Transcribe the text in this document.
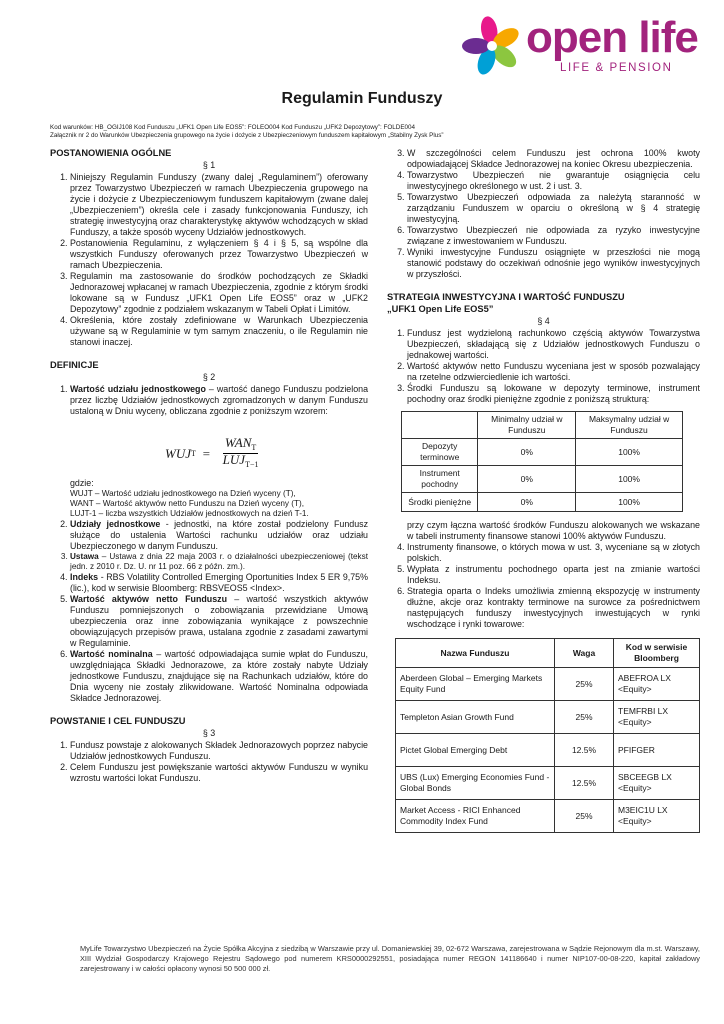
open life
LIFE & PENSION
Regulamin Funduszy
Kod warunków: HB_OGIJ108 Kod Funduszu „UFK1 Open Life EOS5”: FOLEO004 Kod Funduszu „UFK2 Depozytowy”: FOLDE004
Załącznik nr 2 do Warunków Ubezpieczenia grupowego na życie i dożycie z Ubezpieczeniowym funduszem kapitałowym „Stabilny Zysk Plus”
POSTANOWIENIA OGÓLNE
§ 1
1. Niniejszy Regulamin Funduszy (zwany dalej „Regulaminem”) oferowany przez Towarzystwo Ubezpieczeń w ramach Ubezpieczenia grupowego na życie i dożycie z Ubezpieczeniowym funduszem kapitałowym (zwane dalej „Ubezpieczeniem”) określa cele i zasady funkcjonowania Funduszy, ich strategię inwestycyjną oraz charakterystykę aktywów wchodzących w skład Funduszy, a także sposób wyceny Udziałów jednostkowych.
2. Postanowienia Regulaminu, z wyłączeniem § 4 i § 5, są wspólne dla wszystkich Funduszy oferowanych przez Towarzystwo Ubezpieczeń w ramach Ubezpieczenia.
3. Regulamin ma zastosowanie do środków pochodzących ze Składki Jednorazowej wpłacanej w ramach Ubezpieczenia, zgodnie z którym środki lokowane są w Fundusz „UFK1 Open Life EOS5” oraz w „UFK2 Depozytowy” zgodnie z podziałem wskazanym w Tabeli Opłat i Limitów.
4. Określenia, które zostały zdefiniowane w Warunkach Ubezpieczenia używane są w Regulaminie w tym samym znaczeniu, o ile Regulamin nie stanowi inaczej.
DEFINICJE
§ 2
1. Wartość udziału jednostkowego – wartość danego Funduszu podzielona przez liczbę Udziałów jednostkowych zgromadzonych w danym Funduszu ustaloną w Dniu wyceny, obliczana zgodnie z poniższym wzorem:
WUJ $T = \frac{WAN_T}{LUJ_{T-1}}$
gdzie:
WUJT – Wartość udziału jednostkowego na Dzień wyceny (T),
WANT – Wartość aktywów netto Funduszu na Dzień wyceny (T),
LUJT-1 – liczba wszystkich Udziałów jednostkowych na dzień T-1.
2. Udziały jednostkowe - jednostki, na które został podzielony Fundusz służące do ustalenia Wartości rachunku udziałów oraz udziału Ubezpieczonego w danym Funduszu.
3. Ustawa – Ustawa z dnia 22 maja 2003 r. o działalności ubezpieczeniowej (tekst jedn. z 2010 r. Dz. U. nr 11 poz. 66 z późn. zm.).
4. Indeks - RBS Volatility Controlled Emerging Oportunities Index 5 ER 9,75% (lic.), kod w serwisie Bloomberg: RBSVEOS5 <Index>.
5. Wartość aktywów netto Funduszu – wartość wszystkich aktywów Funduszu pomniejszonych o zobowiązania przewidziane Umową ubezpieczenia oraz inne zobowiązania wynikające z powszechnie obowiązujących przepisów prawa, ustalana zgodnie z zasadami zawartymi w Regulaminie.
6. Wartość nominalna – wartość odpowiadająca sumie wpłat do Funduszu, uwzględniająca Składki Jednorazowe, za które zostały nabyte Udziały jednostkowe Funduszu, znajdujące się na Rachunkach udziałów, które do Dnia wyceny nie zostały zlikwidowane. Wartość Nominalna odpowiada Składce Jednorazowej.
POWSTANIE I CEL FUNDUSZU
§ 3
1. Fundusz powstaje z alokowanych Składek Jednorazowych poprzez nabycie Udziałów jednostkowych Funduszu.
2. Celem Funduszu jest powiększanie wartości aktywów Funduszu w wyniku wzrostu wartości lokat Funduszu.
3. W szczególności celem Funduszu jest ochrona 100% kwoty odpowiadającej Składce Jednorazowej na koniec Okresu ubezpieczenia.
4. Towarzystwo Ubezpieczeń nie gwarantuje osiągnięcia celu inwestycyjnego określonego w ust. 2 i ust. 3.
5. Towarzystwo Ubezpieczeń odpowiada za należytą staranność w zarządzaniu Funduszem w oparciu o określoną w § 4 strategię inwestycyjną.
6. Towarzystwo Ubezpieczeń nie odpowiada za ryzyko inwestycyjne związane z inwestowaniem w Funduszu.
7. Wyniki inwestycyjne Funduszu osiągnięte w przeszłości nie mogą stanowić podstawy do oczekiwań odnośnie jego wyników inwestycyjnych w przyszłości.
STRATEGIA INWESTYCYJNA I WARTOŚĆ FUNDUSZU
„UFK1 Open Life EOS5”
§ 4
1. Fundusz jest wydzieloną rachunkowo częścią aktywów Towarzystwa Ubezpieczeń, składającą się z Udziałów jednostkowych Funduszu o jednakowej wartości.
2. Wartość aktywów netto Funduszu wyceniana jest w sposób pozwalający na rzetelne odzwierciedlenie ich wartości.
3. Środki Funduszu są lokowane w depozyty terminowe, instrument pochodny oraz środki pieniężne zgodnie z poniższą strukturą:
	Minimalny udział w Funduszu	Maksymalny udział w Funduszu
Depozyty terminowe	0%	100%
Instrument pochodny	0%	100%
Środki pieniężne	0%	100%
przy czym łączna wartość środków Funduszu alokowanych we wskazane w tabeli instrumenty finansowe stanowi 100% aktywów Funduszu.
4. Instrumenty finansowe, o których mowa w ust. 3, wyceniane są w złotych polskich.
5. Wypłata z instrumentu pochodnego oparta jest na zmianie wartości Indeksu.
6. Strategia oparta o Indeks umożliwia zmienną ekspozycję w instrumenty dłużne, akcje oraz kontrakty terminowe na surowce za pośrednictwem następujących funduszy inwestycyjnych inwestujących w rynki wschodzące i rynki towarowe:
Nazwa Funduszu	Waga	Kod w serwisie Bloomberg
Aberdeen Global – Emerging Markets Equity Fund	25%	ABEFROA LX <Equity>
Templeton Asian Growth Fund	25%	TEMFRBI LX <Equity>
Pictet Global Emerging Debt	12.5%	PFIFGER
UBS (Lux) Emerging Economies Fund - Global Bonds	12.5%	SBCEEGB LX <Equity>
Market Access - RICI Enhanced Commodity Index Fund	25%	M3EIC1U LX <Equity>
MyLife Towarzystwo Ubezpieczeń na Życie Spółka Akcyjna z siedzibą w Warszawie przy ul. Domaniewskiej 39, 02-672 Warszawa, zarejestrowana w Sądzie Rejonowym dla m.st. Warszawy, XIII Wydział Gospodarczy Krajowego Rejestru Sądowego pod numerem KRS0000292551, posiadająca numer REGON 141186640 i numer NIP107-00-08-220, kapitał zakładowy zarejestrowany i w całości opłacony wynosi 50 500 000 zł.
